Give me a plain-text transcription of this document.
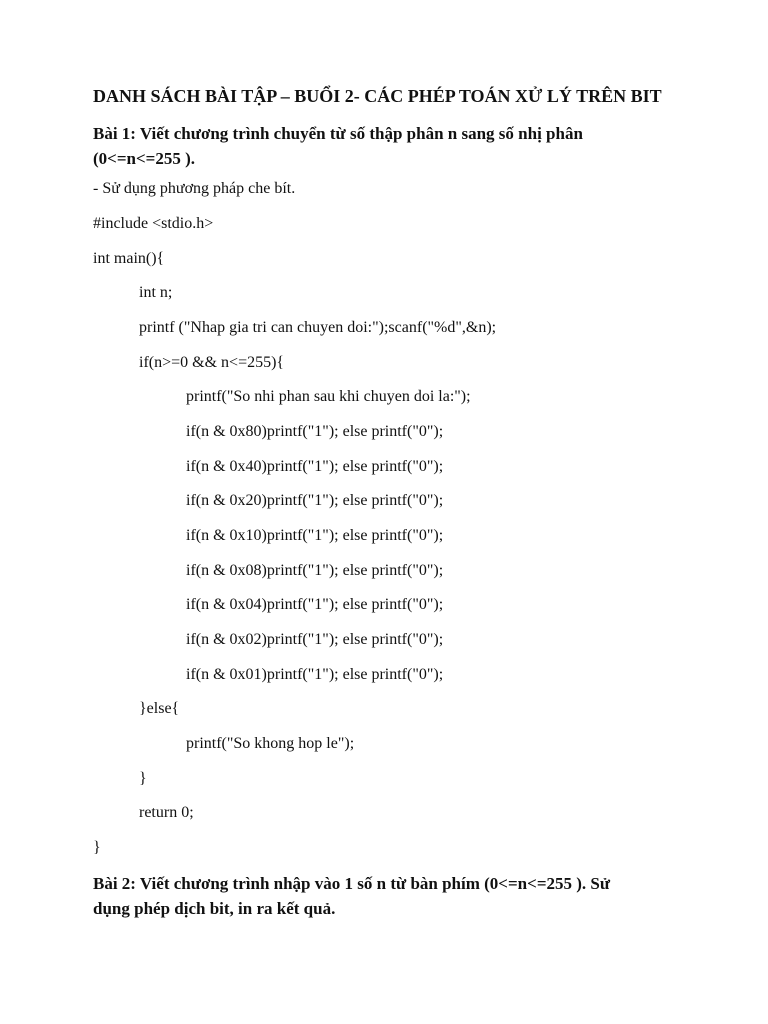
DANH SÁCH BÀI TẬP – BUỔI 2- CÁC PHÉP TOÁN XỬ LÝ TRÊN BIT
Bài 1: Viết chương trình chuyển từ số thập phân n sang số nhị phân
(0<=n<=255 ).
- Sử dụng phương pháp che bít.
#include <stdio.h>
int main(){
int n;
printf ("Nhap gia tri can chuyen doi:");scanf("%d",&n);
if(n>=0 && n<=255){
printf("So nhi phan sau khi chuyen doi la:");
if(n & 0x80)printf("1"); else printf("0");
if(n & 0x40)printf("1"); else printf("0");
if(n & 0x20)printf("1"); else printf("0");
if(n & 0x10)printf("1"); else printf("0");
if(n & 0x08)printf("1"); else printf("0");
if(n & 0x04)printf("1"); else printf("0");
if(n & 0x02)printf("1"); else printf("0");
if(n & 0x01)printf("1"); else printf("0");
}else{
printf("So khong hop le");
}
return 0;
}
Bài 2: Viết chương trình nhập vào 1 số n từ bàn phím (0<=n<=255 ). Sử
dụng phép dịch bit, in ra kết quả.
